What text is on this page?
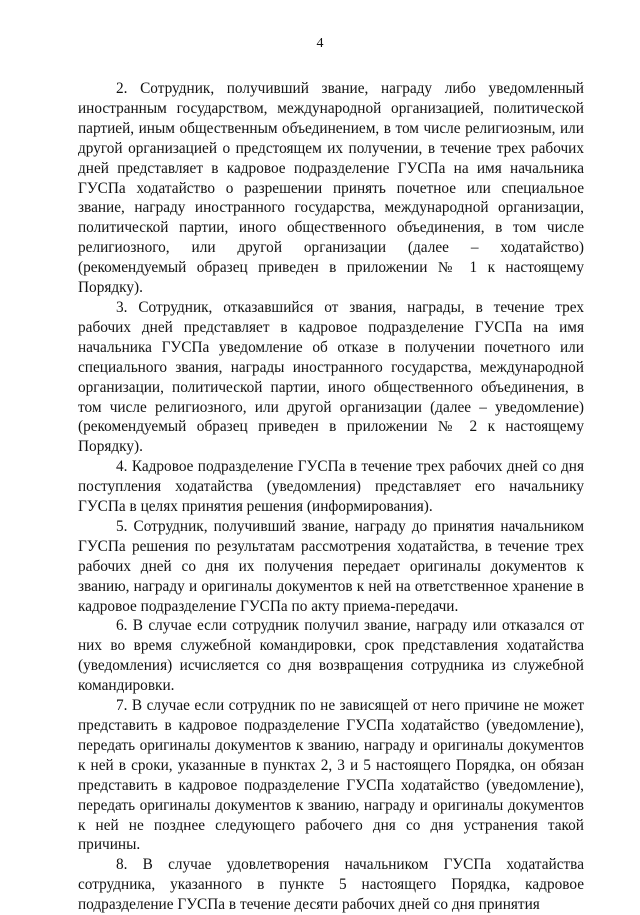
4

2. Сотрудник, получивший звание, награду либо уведомленный иностранным государством, международной организацией, политической партией, иным общественным объединением, в том числе религиозным, или другой организацией о предстоящем их получении, в течение трех рабочих дней представляет в кадровое подразделение ГУСПа на имя начальника ГУСПа ходатайство о разрешении принять почетное или специальное звание, награду иностранного государства, международной организации, политической партии, иного общественного объединения, в том числе религиозного, или другой организации (далее – ходатайство) (рекомендуемый образец приведен в приложении № 1 к настоящему Порядку).

3. Сотрудник, отказавшийся от звания, награды, в течение трех рабочих дней представляет в кадровое подразделение ГУСПа на имя начальника ГУСПа уведомление об отказе в получении почетного или специального звания, награды иностранного государства, международной организации, политической партии, иного общественного объединения, в том числе религиозного, или другой организации (далее – уведомление) (рекомендуемый образец приведен в приложении № 2 к настоящему Порядку).

4. Кадровое подразделение ГУСПа в течение трех рабочих дней со дня поступления ходатайства (уведомления) представляет его начальнику ГУСПа в целях принятия решения (информирования).

5. Сотрудник, получивший звание, награду до принятия начальником ГУСПа решения по результатам рассмотрения ходатайства, в течение трех рабочих дней со дня их получения передает оригиналы документов к званию, награду и оригиналы документов к ней на ответственное хранение в кадровое подразделение ГУСПа по акту приема-передачи.

6. В случае если сотрудник получил звание, награду или отказался от них во время служебной командировки, срок представления ходатайства (уведомления) исчисляется со дня возвращения сотрудника из служебной командировки.

7. В случае если сотрудник по не зависящей от него причине не может представить в кадровое подразделение ГУСПа ходатайство (уведомление), передать оригиналы документов к званию, награду и оригиналы документов к ней в сроки, указанные в пунктах 2, 3 и 5 настоящего Порядка, он обязан представить в кадровое подразделение ГУСПа ходатайство (уведомление), передать оригиналы документов к званию, награду и оригиналы документов к ней не позднее следующего рабочего дня со дня устранения такой причины.

8. В случае удовлетворения начальником ГУСПа ходатайства сотрудника, указанного в пункте 5 настоящего Порядка, кадровое подразделение ГУСПа в течение десяти рабочих дней со дня принятия
